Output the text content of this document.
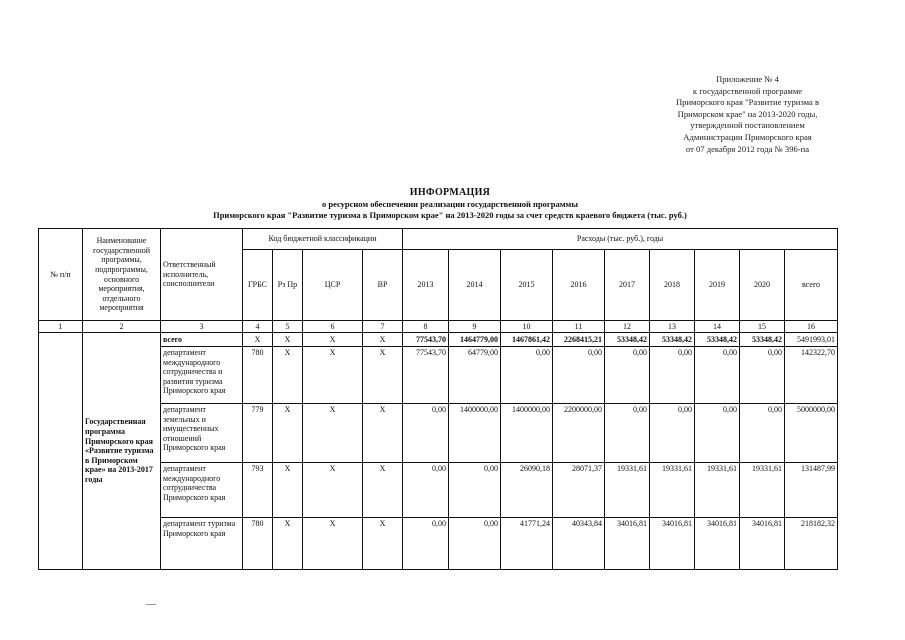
Приложение № 4
к государственной программе
Приморского края "Развитие туризма в
Приморском крае" на 2013-2020 годы,
утвержденной постановлением
Администрации Приморского края
от 07 декабря 2012 года № 396-па
ИНФОРМАЦИЯ
о ресурсном обеспечении реализации государственной программы
Приморского края "Развитие туризма в Приморском крае" на 2013-2020 годы за счет средств краевого бюджета (тыс. руб.)
№ п/п	Наименование государственной программы, подпрограммы, основного мероприятия, отдельного мероприятия	Ответственный исполнитель, соисполнители	Код бюджетной классификации				Расходы (тыс. руб.), годы								
			ГРБС	Рз Пр	ЦСР	ВР	2013	2014	2015	2016	2017	2018	2019	2020	всего
1	2	3	4	5	6	7	8	9	10	11	12	13	14	15	16
	Государственная программа Приморского края «Развитие туризма в Приморском крае» на 2013-2017 годы	всего	X	X	X	X	77543,70	1464779,00	1467861,42	2268415,21	53348,42	53348,42	53348,42	53348,42	5491993,01
		департамент международного сотрудничества и развития туризма Приморского края	780	X	X	X	77543,70	64779,00	0,00	0,00	0,00	0,00	0,00	0,00	142322,70
		департамент земельных и имущественных отношений Приморского края	779	X	X	X	0,00	1400000,00	1400000,00	2200000,00	0,00	0,00	0,00	0,00	5000000,00
		департамент международного сотрудничества Приморского края	793	X	X	X	0,00	0,00	26090,18	28071,37	19331,61	19331,61	19331,61	19331,61	131487,99
		департамент туризма Приморского края	780	X	X	X	0,00	0,00	41771,24	40343,84	34016,81	34016,81	34016,81	34016,81	218182,32
